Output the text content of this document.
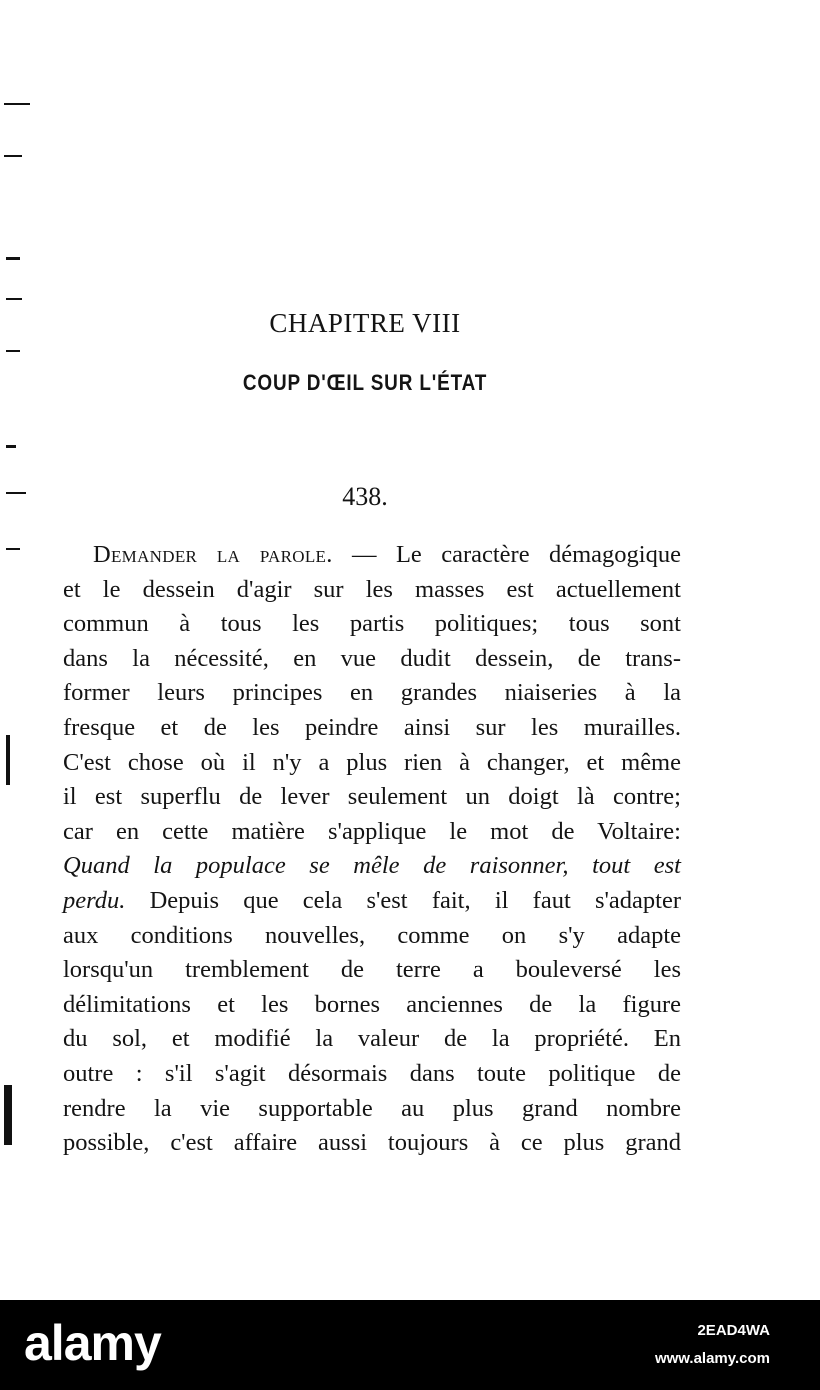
CHAPITRE VIII
COUP D'ŒIL SUR L'ÉTAT
438.
Demander la parole. — Le caractère démagogique
et le dessein d'agir sur les masses est actuellement
commun à tous les partis politiques; tous sont
dans la nécessité, en vue dudit dessein, de trans-
former leurs principes en grandes niaiseries à la
fresque et de les peindre ainsi sur les murailles.
C'est chose où il n'y a plus rien à changer, et même
il est superflu de lever seulement un doigt là contre;
car en cette matière s'applique le mot de Voltaire:
Quand la populace se mêle de raisonner, tout est
perdu. Depuis que cela s'est fait, il faut s'adapter
aux conditions nouvelles, comme on s'y adapte
lorsqu'un tremblement de terre a bouleversé les
délimitations et les bornes anciennes de la figure
du sol, et modifié la valeur de la propriété. En
outre : s'il s'agit désormais dans toute politique de
rendre la vie supportable au plus grand nombre
possible, c'est affaire aussi toujours à ce plus grand
alamy	2EAD4WA
www.alamy.com
